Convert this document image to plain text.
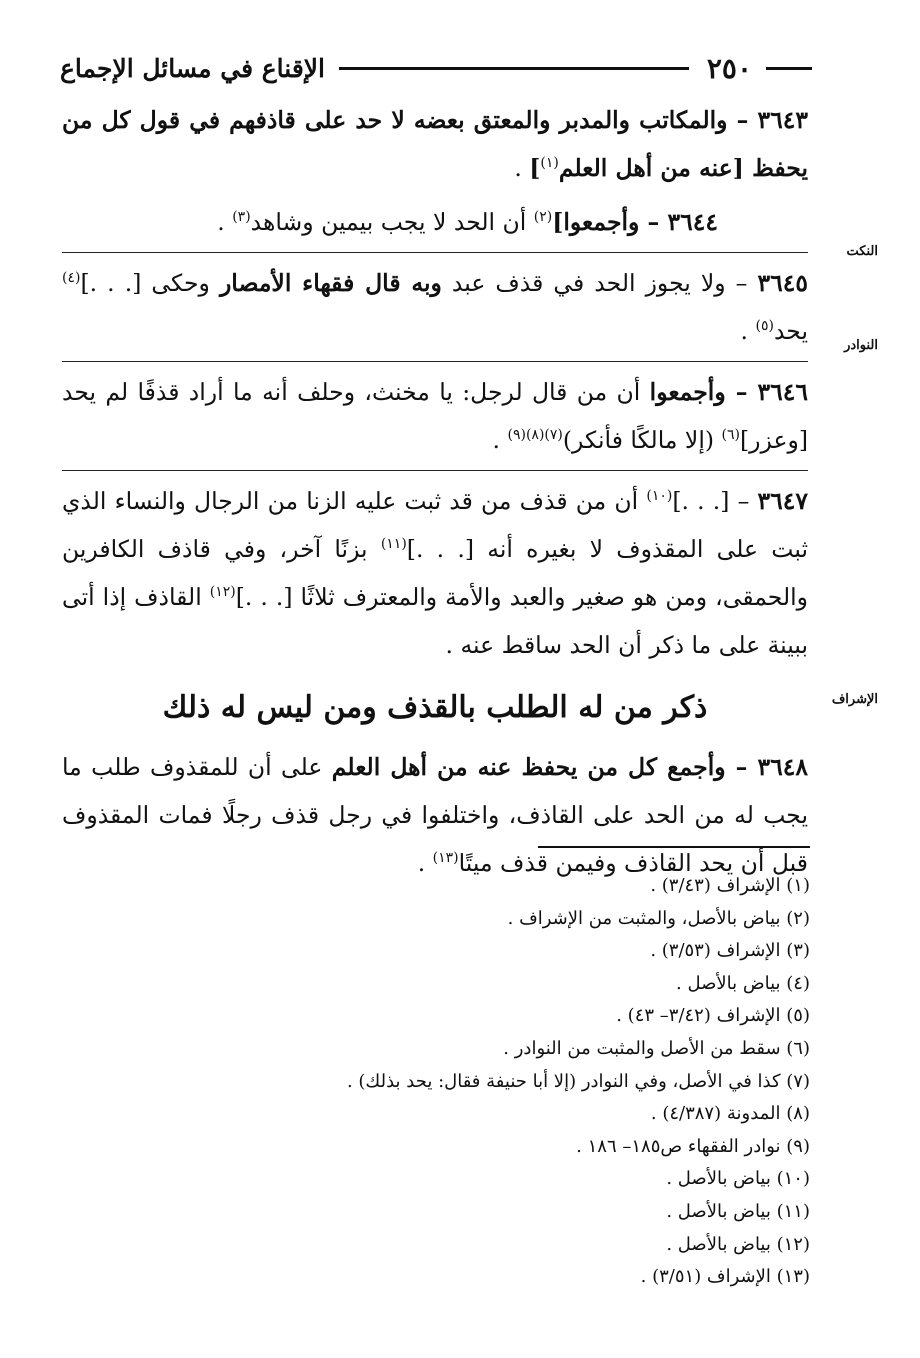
٢٥٠
الإقناع في مسائل الإجماع
النكت
النوادر
الإشراف

٣٦٤٣ – والمكاتب والمدبر والمعتق بعضه لا حد على قاذفهم في قول كل من يحفظ [عنه من أهل العلم$^{(١)}$] .

٣٦٤٤ – وأجمعوا]$^{(٢)}$ أن الحد لا يجب بيمين وشاهد$^{(٣)}$ .

٣٦٤٥ – ولا يجوز الحد في قذف عبد وبه قال فقهاء الأمصار وحكى [. . .]$^{(٤)}$ يحد$^{(٥)}$ .

٣٦٤٦ – وأجمعوا أن من قال لرجل: يا مخنث، وحلف أنه ما أراد قذفًا لم يحد [وعزر]$^{(٦)}$ (إلا مالكًا فأنكر)$^{(٧)(٨)(٩)}$ .

٣٦٤٧ – [. . .]$^{(١٠)}$ أن من قذف من قد ثبت عليه الزنا من الرجال والنساء الذي ثبت على المقذوف لا بغيره أنه [. . .]$^{(١١)}$ بزنًا آخر، وفي قاذف الكافرين والحمقى، ومن هو صغير والعبد والأمة والمعترف ثلاثًا [. . .]$^{(١٢)}$ القاذف إذا أتى ببينة على ما ذكر أن الحد ساقط عنه .

ذكر من له الطلب بالقذف ومن ليس له ذلك

٣٦٤٨ – وأجمع كل من يحفظ عنه من أهل العلم على أن للمقذوف طلب ما يجب له من الحد على القاذف، واختلفوا في رجل قذف رجلًا فمات المقذوف قبل أن يحد القاذف وفيمن قذف ميتًا$^{(١٣)}$ .

(١) الإشراف (٣/٤٣) .
(٢) بياض بالأصل، والمثبت من الإشراف .
(٣) الإشراف (٣/٥٣) .
(٤) بياض بالأصل .
(٥) الإشراف (٣/٤٢– ٤٣) .
(٦) سقط من الأصل والمثبت من النوادر .
(٧) كذا في الأصل، وفي النوادر (إلا أبا حنيفة فقال: يحد بذلك) .
(٨) المدونة (٤/٣٨٧) .
(٩) نوادر الفقهاء ص١٨٥– ١٨٦ .
(١٠) بياض بالأصل .
(١١) بياض بالأصل .
(١٢) بياض بالأصل .
(١٣) الإشراف (٣/٥١) .
